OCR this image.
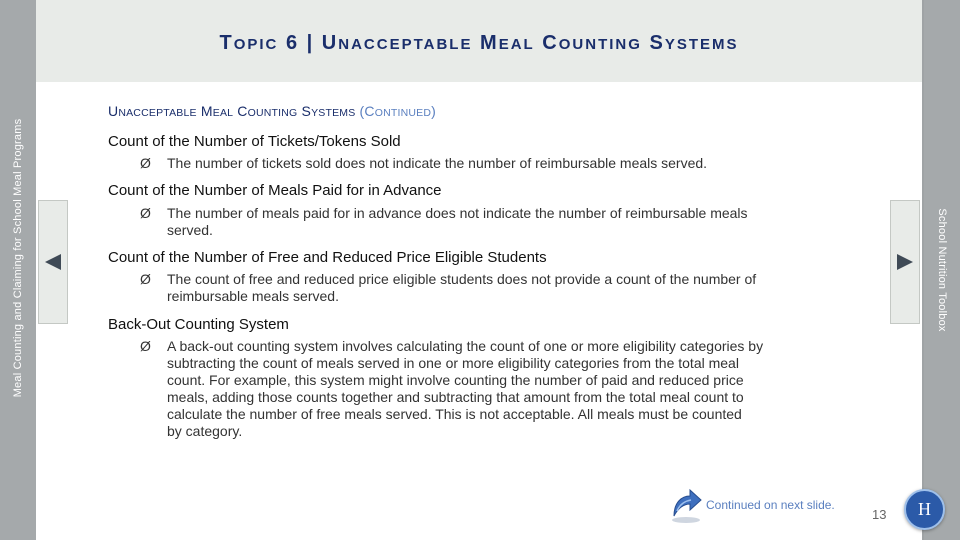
Meal Counting and Claiming for School Meal Programs	School Nutrition Toolbox
TOPIC 6 | UNACCEPTABLE MEAL COUNTING SYSTEMS
UNACCEPTABLE MEAL COUNTING SYSTEMS (CONTINUED)
Count of the Number of Tickets/Tokens Sold
Ø	The number of tickets sold does not indicate the number of reimbursable meals served.
Count of the Number of Meals Paid for in Advance
Ø	The number of meals paid for in advance does not indicate the number of reimbursable meals
served.
Count of the Number of Free and Reduced Price Eligible Students
Ø	The count of free and reduced price eligible students does not provide a count of the number of
reimbursable meals served.
Back-Out Counting System
Ø	A back-out counting system involves calculating the count of one or more eligibility categories by
subtracting the count of meals served in one or more eligibility categories from the total meal
count. For example, this system might involve counting the number of paid and reduced price
meals, adding those counts together and subtracting that amount from the total meal count to
calculate the number of free meals served. This is not acceptable. All meals must be counted
by category.
Continued on next slide.
13 H
